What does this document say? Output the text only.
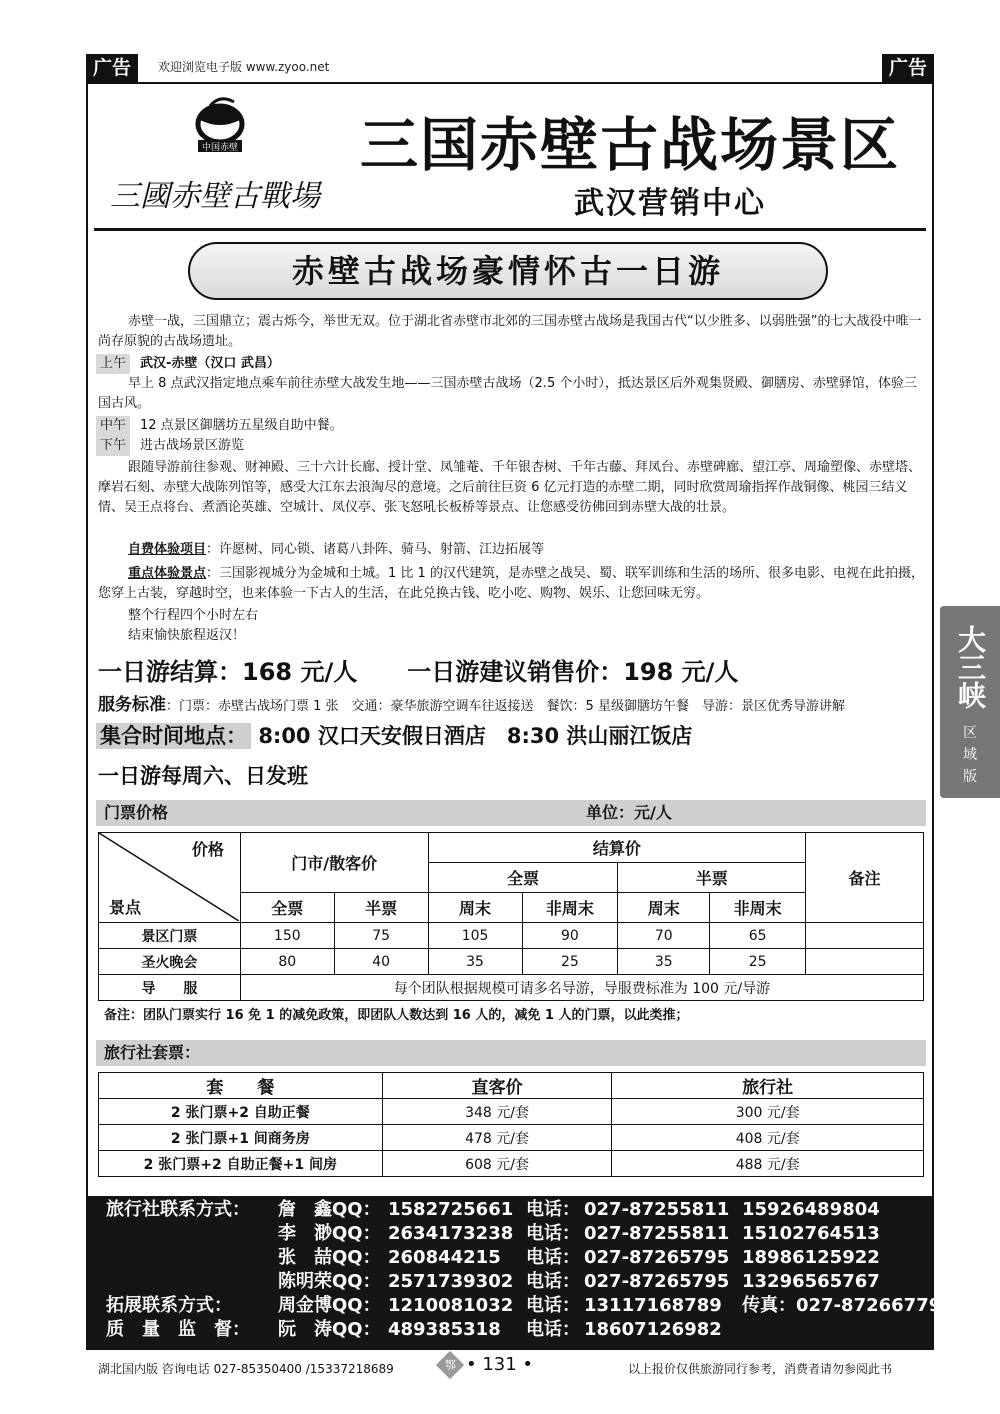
广告	欢迎浏览电子版 www.zyoo.net	广告
中国赤壁
三國赤壁古戰場
三国赤壁古战场景区
武汉营销中心
赤壁古战场豪情怀古一日游
赤壁一战，三国鼎立；震古烁今，举世无双。位于湖北省赤壁市北郊的三国赤壁古战场是我国古代“以少胜多、以弱胜强”的七大战役中唯一尚存原貌的古战场遗址。
上午 武汉-赤壁（汉口 武昌）
早上 8 点武汉指定地点乘车前往赤壁大战发生地——三国赤壁古战场（2.5 个小时），抵达景区后外观集贤殿、御膳房、赤壁驿馆，体验三国古风。
中午 12 点景区御膳坊五星级自助中餐。
下午 进古战场景区游览
跟随导游前往参观、财神殿、三十六计长廊、授计堂、凤雏菴、千年银杏树、千年古藤、拜凤台、赤壁碑廊、望江亭、周瑜塑像、赤壁塔、摩岩石刻、赤壁大战陈列馆等，感受大江东去浪淘尽的意境。之后前往巨资 6 亿元打造的赤壁二期，同时欣赏周瑜指挥作战铜像、桃园三结义情、吴王点将台、煮酒论英雄、空城计、凤仪亭、张飞怒吼长板桥等景点、让您感受彷佛回到赤壁大战的壮景。
自费体验项目：许愿树、同心锁、诸葛八卦阵、骑马、射箭、江边拓展等
重点体验景点：三国影视城分为金城和土城。1 比 1 的汉代建筑，是赤壁之战吴、蜀、联军训练和生活的场所、很多电影、电视在此拍摄，您穿上古装，穿越时空，也来体验一下古人的生活，在此兑换古钱、吃小吃、购物、娱乐、让您回味无穷。
整个行程四个小时左右
结束愉快旅程返汉！
一日游结算：168 元/人 一日游建议销售价：198 元/人
服务标准：门票：赤壁古战场门票 1 张　交通：豪华旅游空调车往返接送　餐饮：5 星级御膳坊午餐　导游：景区优秀导游讲解
集合时间地点： 8:00 汉口天安假日酒店　8:30 洪山丽江饭店
一日游每周六、日发班
门票价格	单位：元/人
价格
景点	门市/散客价		结算价				备注
			全票		半票		
	全票	半票	周末	非周末	周末	非周末	
景区门票	150	75	105	90	70	65	
圣火晚会	80	40	35	25	35	25	
导　　服	每个团队根据规模可请多名导游，导服费标准为 100 元/导游						
备注：团队门票实行 16 免 1 的减免政策，即团队人数达到 16 人的，减免 1 人的门票，以此类推；
旅行社套票：
套　　餐	直客价	旅行社
2 张门票+2 自助正餐	348 元/套	300 元/套
2 张门票+1 间商务房	478 元/套	408 元/套
2 张门票+2 自助正餐+1 间房	608 元/套	488 元/套
旅行社联系方式： 詹　鑫QQ： 1582725661 电话： 027-87255811 15926489804
李　渺QQ： 2634173238 电话： 027-87255811 15102764513
张　喆QQ： 260844215 电话： 027-87265795 18986125922
陈明荣QQ： 2571739302 电话： 027-87265795 13296565767
拓展联系方式：	周金博QQ： 1210081032 电话： 13117168789 传真：027-87266779
质　量　监　督： 阮　涛QQ： 489385318 电话： 18607126982
湖北国内版 咨询电话 027-85350400 /15337218689	鄂 • 131 •	以上报价仅供旅游同行参考，消费者请勿参阅此书
大三峡
区
域
版
